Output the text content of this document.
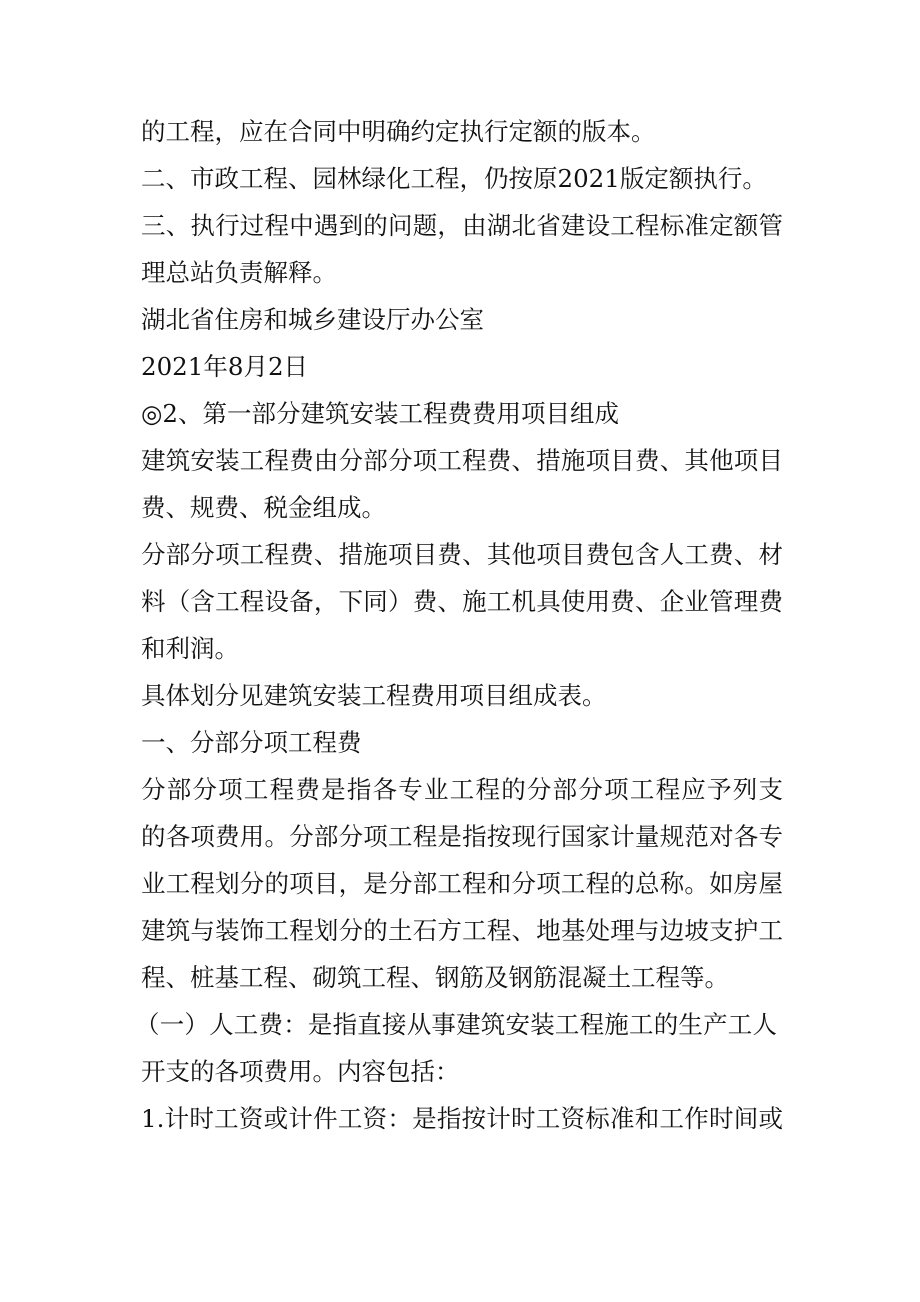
的工程，应在合同中明确约定执行定额的版本。
二、市政工程、园林绿化工程，仍按原2021版定额执行。
三、执行过程中遇到的问题，由湖北省建设工程标准定额管
理总站负责解释。
湖北省住房和城乡建设厅办公室
2021年8月2日
◎2、第一部分建筑安装工程费费用项目组成
建筑安装工程费由分部分项工程费、措施项目费、其他项目
费、规费、税金组成。
分部分项工程费、措施项目费、其他项目费包含人工费、材
料（含工程设备，下同）费、施工机具使用费、企业管理费
和利润。
具体划分见建筑安装工程费用项目组成表。
一、分部分项工程费
分部分项工程费是指各专业工程的分部分项工程应予列支
的各项费用。分部分项工程是指按现行国家计量规范对各专
业工程划分的项目，是分部工程和分项工程的总称。如房屋
建筑与装饰工程划分的土石方工程、地基处理与边坡支护工
程、桩基工程、砌筑工程、钢筋及钢筋混凝土工程等。
（一）人工费：是指直接从事建筑安装工程施工的生产工人
开支的各项费用。内容包括：
1.计时工资或计件工资：是指按计时工资标准和工作时间或
